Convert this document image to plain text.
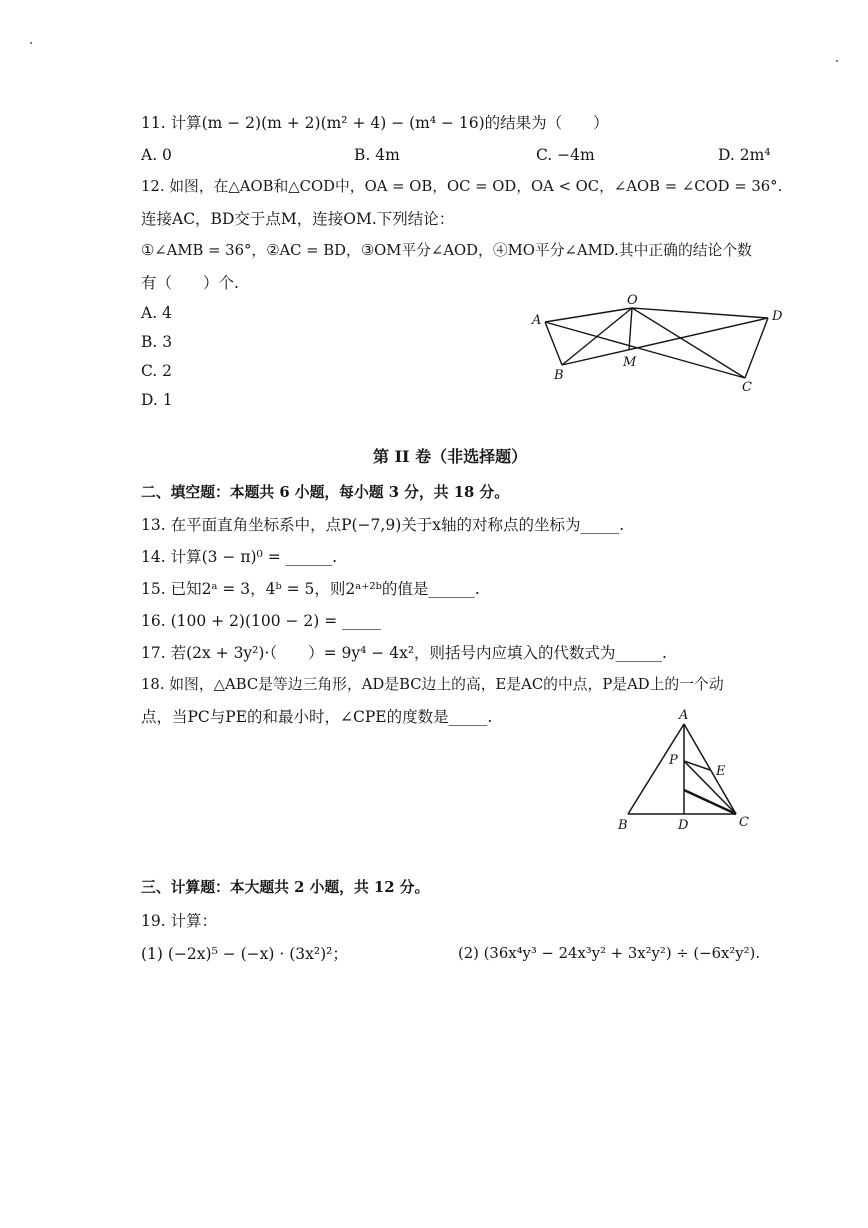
11. 计算(m − 2)(m + 2)(m² + 4) − (m⁴ − 16)的结果为（　　）
A. 0	B. 4m	C. −4m	D. 2m⁴
12. 如图，在△AOB和△COD中，OA = OB，OC = OD，OA < OC，∠AOB = ∠COD = 36°.
连接AC，BD交于点M，连接OM.下列结论：
①∠AMB = 36°，②AC = BD，③OM平分∠AOD，④MO平分∠AMD.其中正确的结论个数
有（　　）个.
A. 4
B. 3
C. 2
D. 1
A
O
D
B
M
C
第 II 卷（非选择题）
二、填空题：本题共 6 小题，每小题 3 分，共 18 分。
13. 在平面直角坐标系中，点P(−7,9)关于x轴的对称点的坐标为_____.
14. 计算(3 − π)⁰ = ______.
15. 已知2ᵃ = 3，4ᵇ = 5，则2ᵃ⁺²ᵇ的值是______.
16. (100 + 2)(100 − 2) = _____
17. 若(2x + 3y²)·（　　）= 9y⁴ − 4x²，则括号内应填入的代数式为______.
18. 如图，△ABC是等边三角形，AD是BC边上的高，E是AC的中点，P是AD上的一个动
点，当PC与PE的和最小时，∠CPE的度数是_____.	A
P
E
B	D	C
三、计算题：本大题共 2 小题，共 12 分。
19. 计算：
(1) (−2x)⁵ − (−x) · (3x²)²；	(2) (36x⁴y³ − 24x³y² + 3x²y²) ÷ (−6x²y²).
